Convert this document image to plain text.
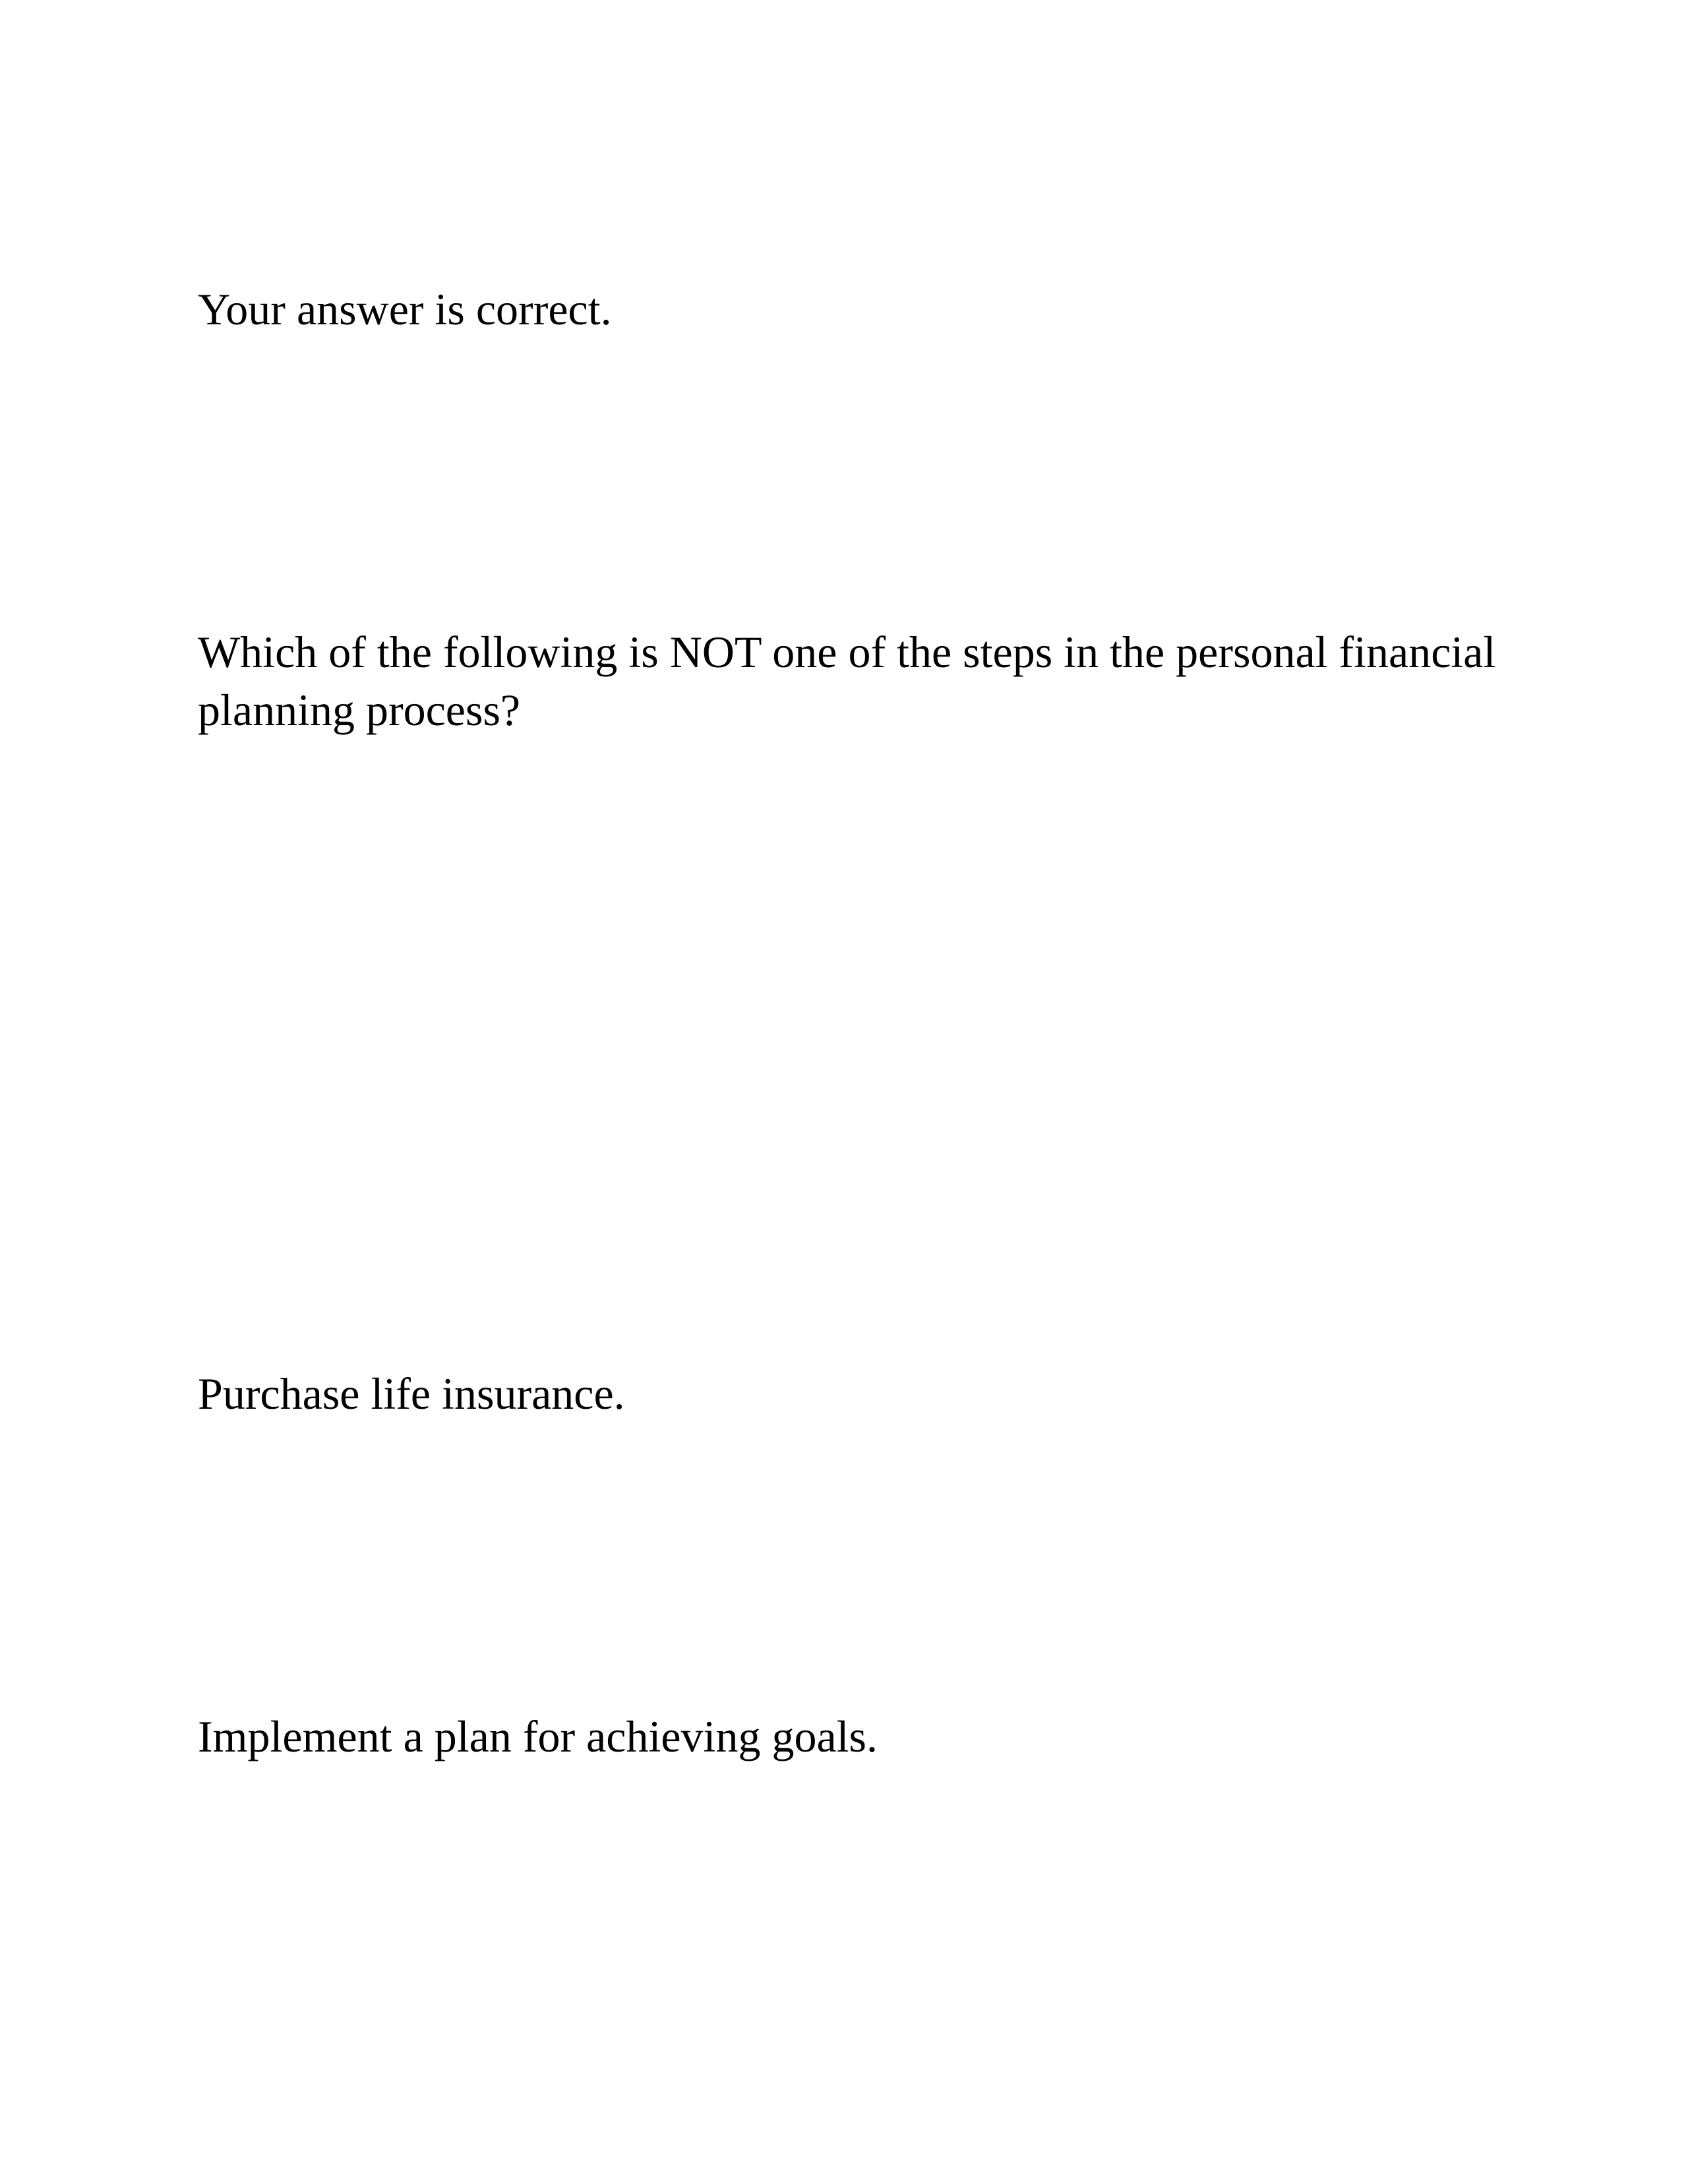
Your answer is correct.

Which of the following is NOT one of the steps in the personal financial planning process?

Purchase life insurance.

Implement a plan for achieving goals.
